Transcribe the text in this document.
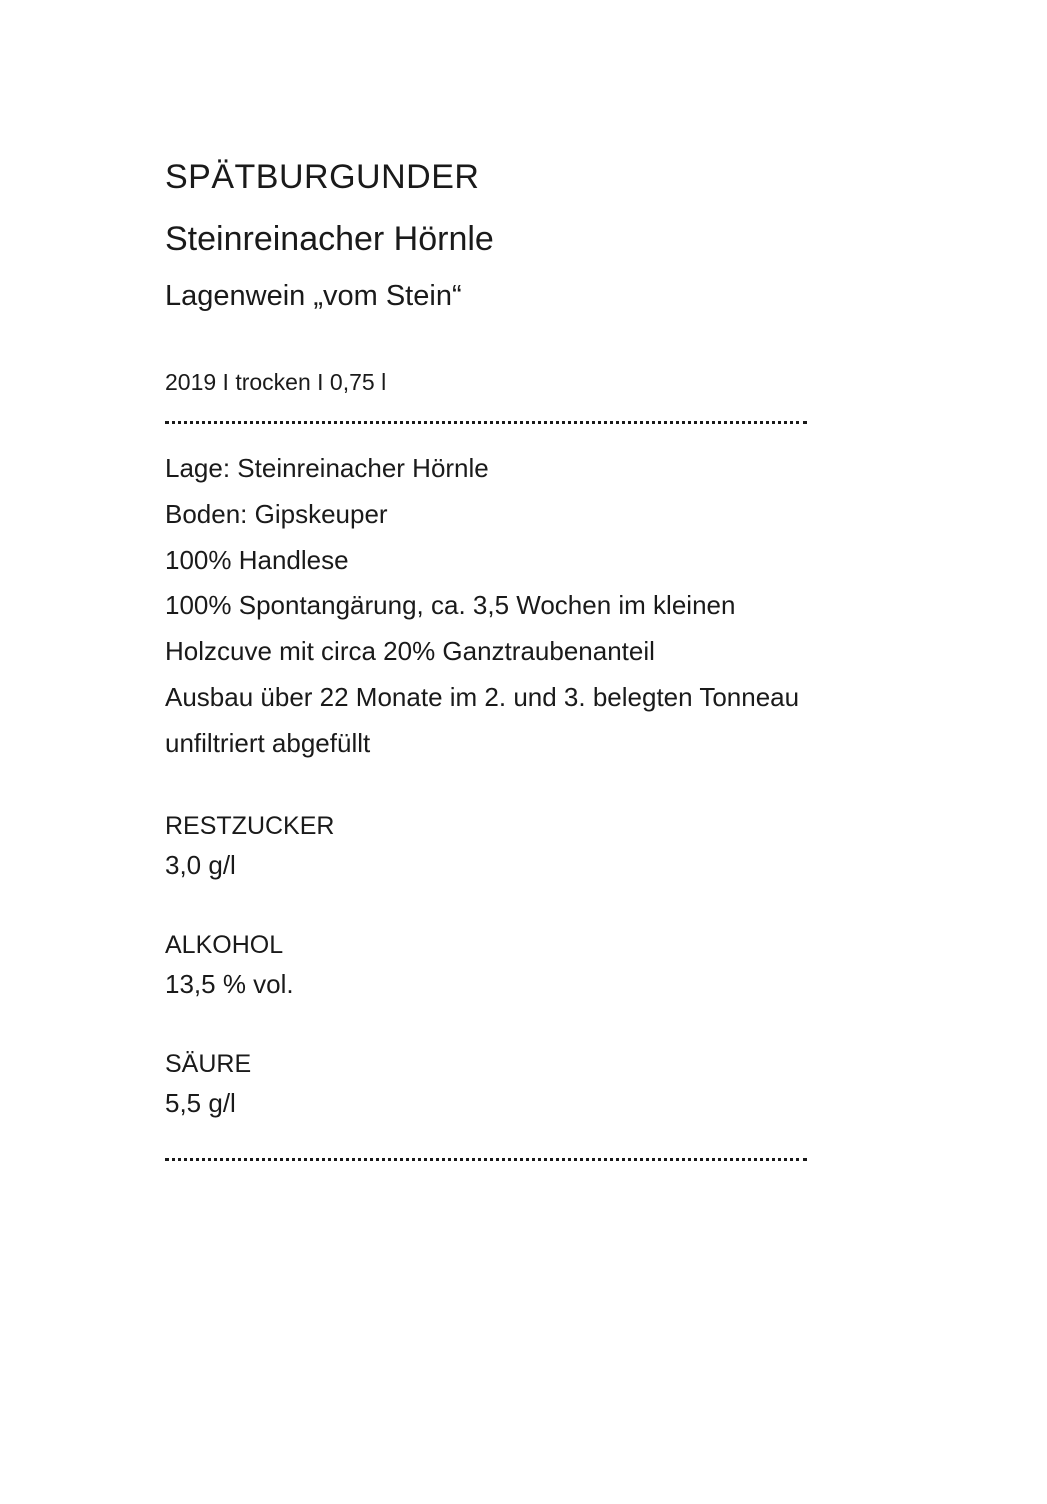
SPÄTBURGUNDER
Steinreinacher Hörnle
Lagenwein „vom Stein“
2019 I trocken I 0,75 l
Lage: Steinreinacher Hörnle
Boden: Gipskeuper
100% Handlese
100% Spontangärung, ca. 3,5 Wochen im kleinen
Holzcuve mit circa 20% Ganztraubenanteil
Ausbau über 22 Monate im 2. und 3. belegten Tonneau
unfiltriert abgefüllt
RESTZUCKER
3,0 g/l
ALKOHOL
13,5 % vol.
SÄURE
5,5 g/l
